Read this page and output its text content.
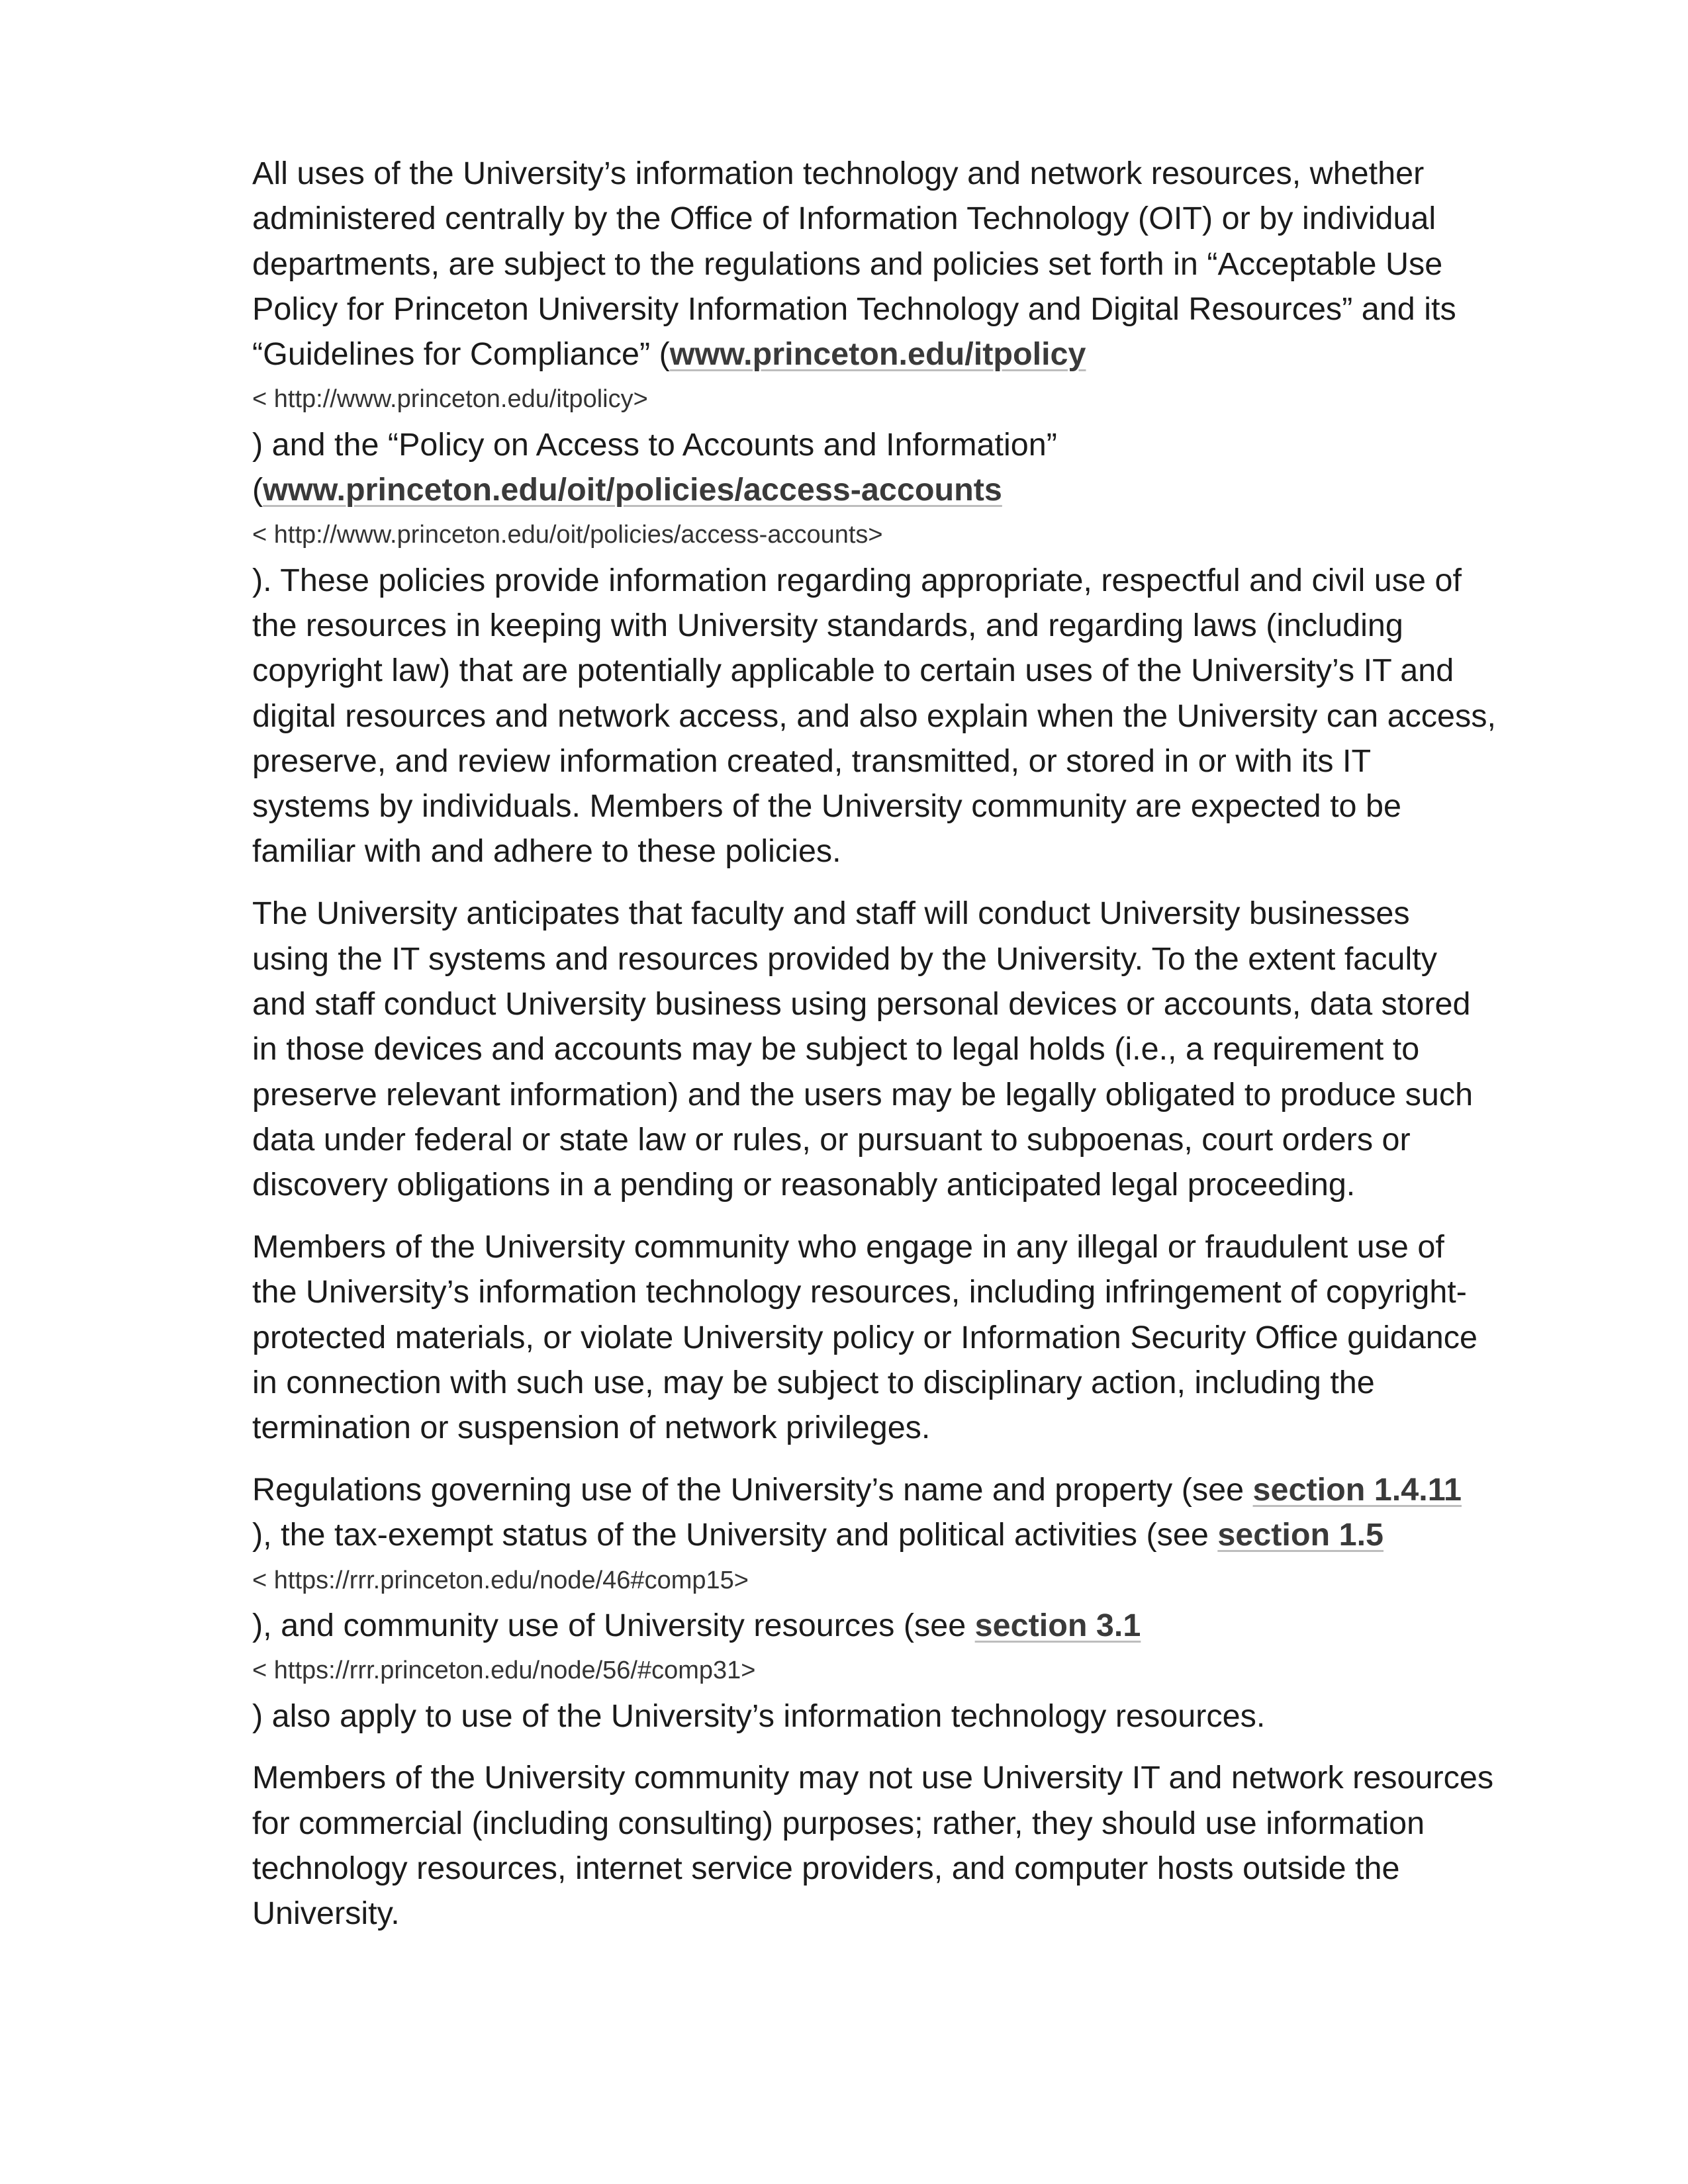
All uses of the University’s information technology and network resources, whether
administered centrally by the Office of Information Technology (OIT) or by individual
departments, are subject to the regulations and policies set forth in “Acceptable Use
Policy for Princeton University Information Technology and Digital Resources” and its
“Guidelines for Compliance” (www.princeton.edu/itpolicy
< http://www.princeton.edu/itpolicy>
) and the “Policy on Access to Accounts and Information”
(www.princeton.edu/oit/policies/access-accounts
< http://www.princeton.edu/oit/policies/access-accounts>
). These policies provide information regarding appropriate, respectful and civil use of
the resources in keeping with University standards, and regarding laws (including
copyright law) that are potentially applicable to certain uses of the University’s IT and
digital resources and network access, and also explain when the University can access,
preserve, and review information created, transmitted, or stored in or with its IT
systems by individuals. Members of the University community are expected to be
familiar with and adhere to these policies.
The University anticipates that faculty and staff will conduct University businesses
using the IT systems and resources provided by the University. To the extent faculty
and staff conduct University business using personal devices or accounts, data stored
in those devices and accounts may be subject to legal holds (i.e., a requirement to
preserve relevant information) and the users may be legally obligated to produce such
data under federal or state law or rules, or pursuant to subpoenas, court orders or
discovery obligations in a pending or reasonably anticipated legal proceeding.
Members of the University community who engage in any illegal or fraudulent use of
the University’s information technology resources, including infringement of copyright-
protected materials, or violate University policy or Information Security Office guidance
in connection with such use, may be subject to disciplinary action, including the
termination or suspension of network privileges.
Regulations governing use of the University’s name and property (see section 1.4.11
), the tax-exempt status of the University and political activities (see section 1.5
< https://rrr.princeton.edu/node/46#comp15>
), and community use of University resources (see section 3.1
< https://rrr.princeton.edu/node/56/#comp31>
) also apply to use of the University’s information technology resources.
Members of the University community may not use University IT and network resources
for commercial (including consulting) purposes; rather, they should use information
technology resources, internet service providers, and computer hosts outside the
University.
